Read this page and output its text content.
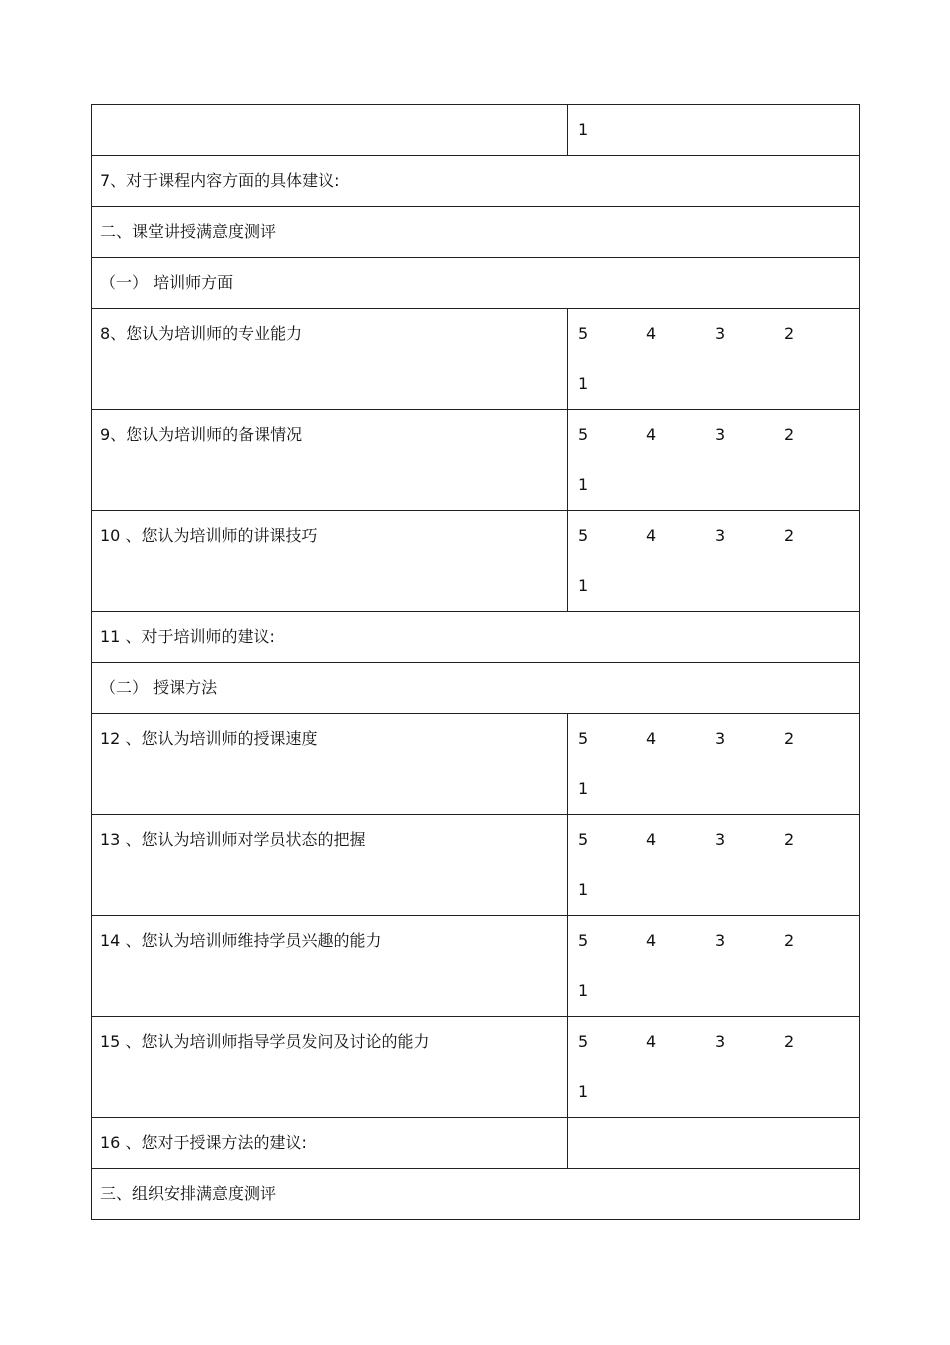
	1

7、对于课程内容方面的具体建议:	

二、课堂讲授满意度测评	

（一） 培训师方面	

8、您认为培训师的专业能力	5 4 3 2
1

9、您认为培训师的备课情况	5 4 3 2
1

10 、您认为培训师的讲课技巧	5 4 3 2
1

11 、对于培训师的建议:	

（二） 授课方法	

12 、您认为培训师的授课速度	5 4 3 2
1

13 、您认为培训师对学员状态的把握	5 4 3 2
1

14 、您认为培训师维持学员兴趣的能力	5 4 3 2
1

15 、您认为培训师指导学员发问及讨论的能力	5 4 3 2
1

16 、您对于授课方法的建议:	

三、组织安排满意度测评	
